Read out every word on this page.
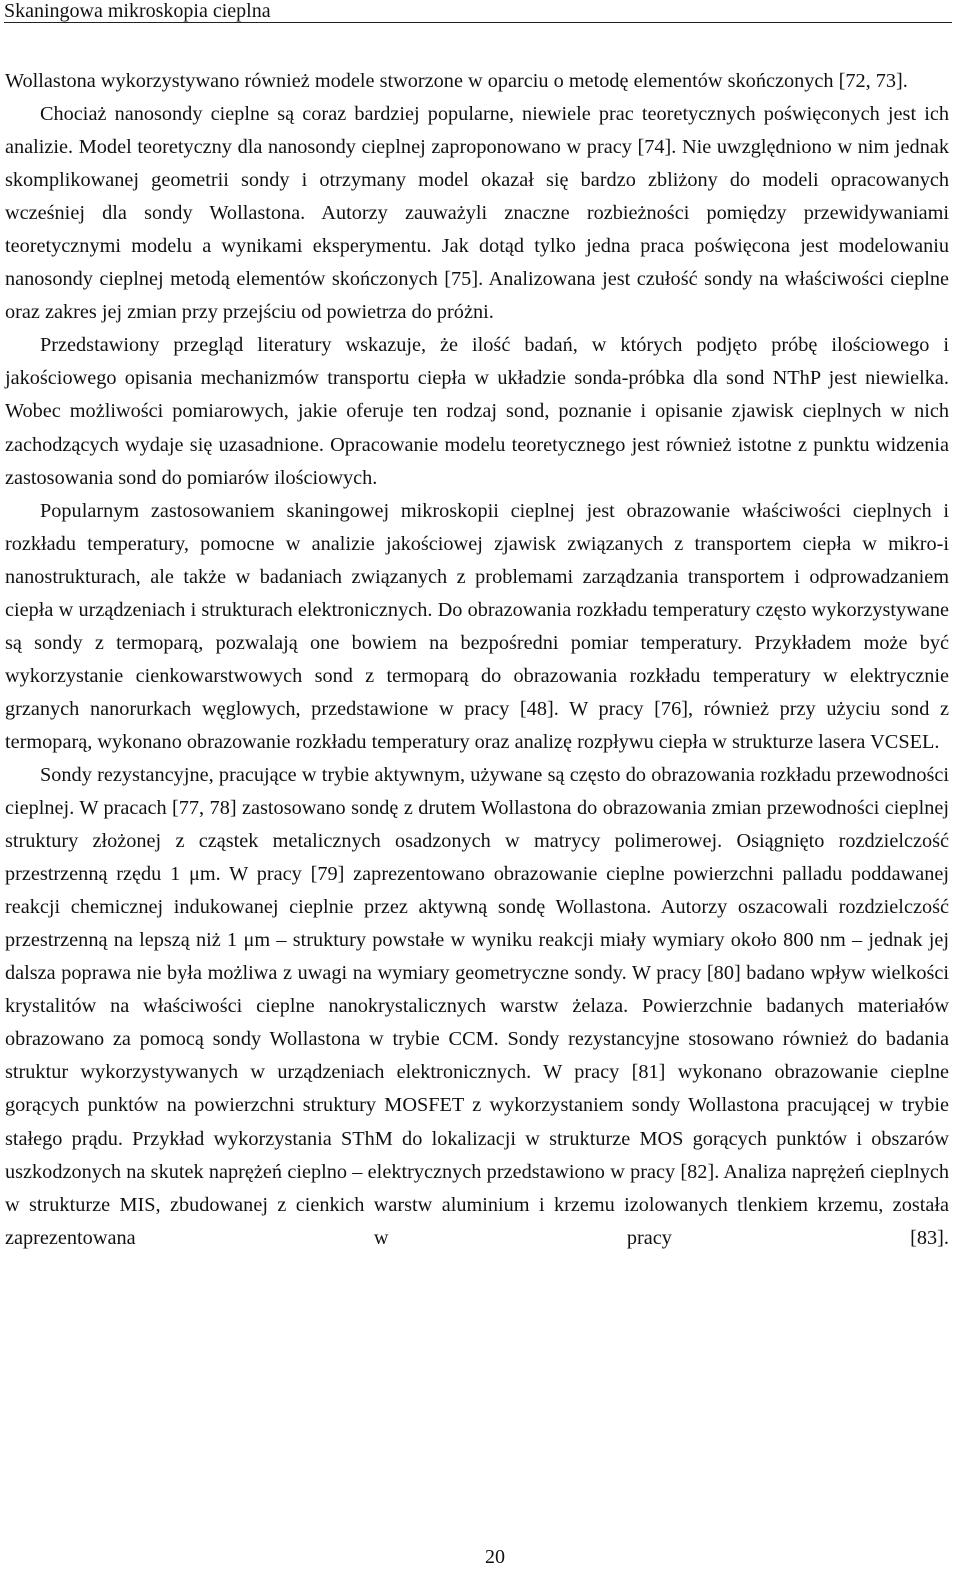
Skaningowa mikroskopia cieplna

Wollastona wykorzystywano również modele stworzone w oparciu o metodę elementów skończonych [72, 73].

Chociaż nanosondy cieplne są coraz bardziej popularne, niewiele prac teoretycznych poświęconych jest ich analizie. Model teoretyczny dla nanosondy cieplnej zaproponowano w pracy [74]. Nie uwzględniono w nim jednak skomplikowanej geometrii sondy i otrzymany model okazał się bardzo zbliżony do modeli opracowanych wcześniej dla sondy Wollastona. Autorzy zauważyli znaczne rozbieżności pomiędzy przewidywaniami teoretycznymi modelu a wynikami eksperymentu. Jak dotąd tylko jedna praca poświęcona jest modelowaniu nanosondy cieplnej metodą elementów skończonych [75]. Analizowana jest czułość sondy na właściwości cieplne oraz zakres jej zmian przy przejściu od powietrza do próżni.

Przedstawiony przegląd literatury wskazuje, że ilość badań, w których podjęto próbę ilościowego i jakościowego opisania mechanizmów transportu ciepła w układzie sonda-próbka dla sond NThP jest niewielka. Wobec możliwości pomiarowych, jakie oferuje ten rodzaj sond, poznanie i opisanie zjawisk cieplnych w nich zachodzących wydaje się uzasadnione. Opracowanie modelu teoretycznego jest również istotne z punktu widzenia zastosowania sond do pomiarów ilościowych.

Popularnym zastosowaniem skaningowej mikroskopii cieplnej jest obrazowanie właściwości cieplnych i rozkładu temperatury, pomocne w analizie jakościowej zjawisk związanych z transportem ciepła w mikro-i nanostrukturach, ale także w badaniach związanych z problemami zarządzania transportem i odprowadzaniem ciepła w urządzeniach i strukturach elektronicznych. Do obrazowania rozkładu temperatury często wykorzystywane są sondy z termoparą, pozwalają one bowiem na bezpośredni pomiar temperatury. Przykładem może być wykorzystanie cienkowarstwowych sond z termoparą do obrazowania rozkładu temperatury w elektrycznie grzanych nanorurkach węglowych, przedstawione w pracy [48]. W pracy [76], również przy użyciu sond z termoparą, wykonano obrazowanie rozkładu temperatury oraz analizę rozpływu ciepła w strukturze lasera VCSEL.

Sondy rezystancyjne, pracujące w trybie aktywnym, używane są często do obrazowania rozkładu przewodności cieplnej. W pracach [77, 78] zastosowano sondę z drutem Wollastona do obrazowania zmian przewodności cieplnej struktury złożonej z cząstek metalicznych osadzonych w matrycy polimerowej. Osiągnięto rozdzielczość przestrzenną rzędu 1 μm. W pracy [79] zaprezentowano obrazowanie cieplne powierzchni palladu poddawanej reakcji chemicznej indukowanej cieplnie przez aktywną sondę Wollastona. Autorzy oszacowali rozdzielczość przestrzenną na lepszą niż 1 μm – struktury powstałe w wyniku reakcji miały wymiary około 800 nm – jednak jej dalsza poprawa nie była możliwa z uwagi na wymiary geometryczne sondy. W pracy [80] badano wpływ wielkości krystalitów na właściwości cieplne nanokrystalicznych warstw żelaza. Powierzchnie badanych materiałów obrazowano za pomocą sondy Wollastona w trybie CCM. Sondy rezystancyjne stosowano również do badania struktur wykorzystywanych w urządzeniach elektronicznych. W pracy [81] wykonano obrazowanie cieplne gorących punktów na powierzchni struktury MOSFET z wykorzystaniem sondy Wollastona pracującej w trybie stałego prądu. Przykład wykorzystania SThM do lokalizacji w strukturze MOS gorących punktów i obszarów uszkodzonych na skutek naprężeń cieplno – elektrycznych przedstawiono w pracy [82]. Analiza naprężeń cieplnych w strukturze MIS, zbudowanej z cienkich warstw aluminium i krzemu izolowanych tlenkiem krzemu, została zaprezentowana w pracy [83].

20
